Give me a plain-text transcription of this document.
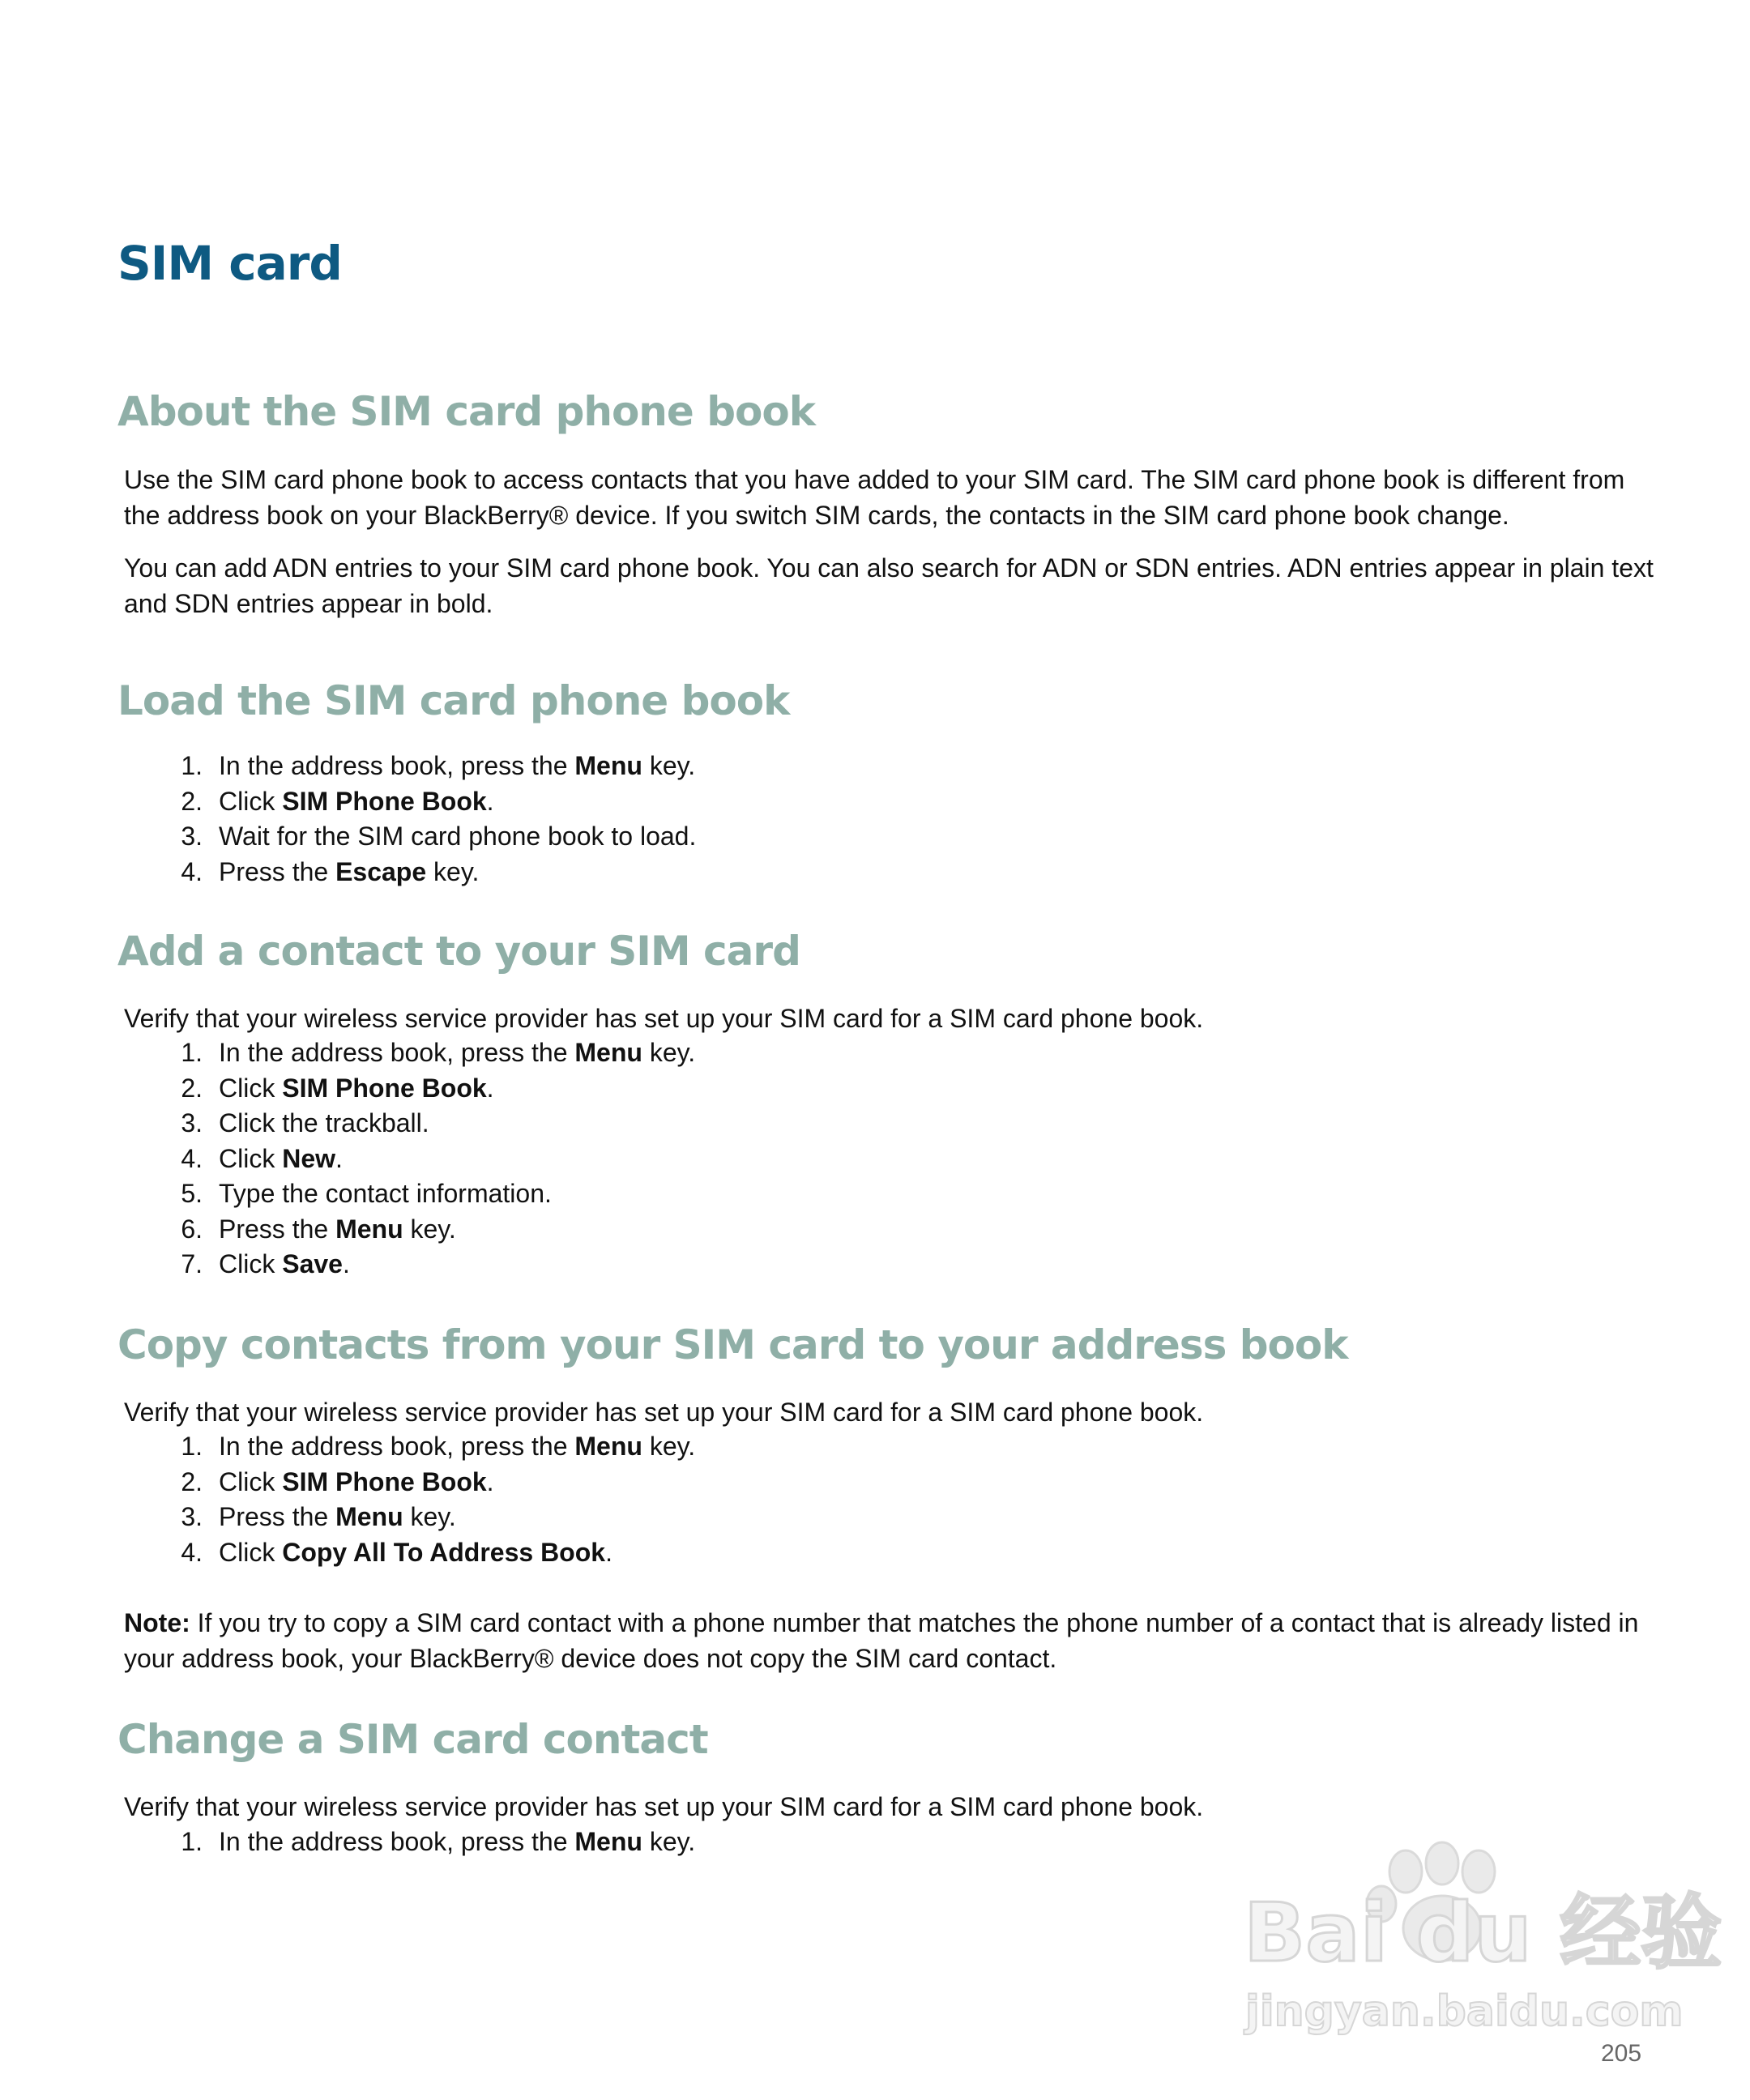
SIM card
About the SIM card phone book

Use the SIM card phone book to access contacts that you have added to your SIM card. The SIM card phone book is different from the address book on your BlackBerry® device. If you switch SIM cards, the contacts in the SIM card phone book change.

You can add ADN entries to your SIM card phone book. You can also search for ADN or SDN entries. ADN entries appear in plain text and SDN entries appear in bold.

Load the SIM card phone book
1. In the address book, press the Menu key.
2. Click SIM Phone Book.
3. Wait for the SIM card phone book to load.
4. Press the Escape key.
Add a contact to your SIM card

Verify that your wireless service provider has set up your SIM card for a SIM card phone book.

1. In the address book, press the Menu key.
2. Click SIM Phone Book.
3. Click the trackball.
4. Click New.
5. Type the contact information.
6. Press the Menu key.
7. Click Save.
Copy contacts from your SIM card to your address book

Verify that your wireless service provider has set up your SIM card for a SIM card phone book.

1. In the address book, press the Menu key.
2. Click SIM Phone Book.
3. Press the Menu key.
4. Click Copy All To Address Book.

Note: If you try to copy a SIM card contact with a phone number that matches the phone number of a contact that is already listed in your address book, your BlackBerry® device does not copy the SIM card contact.

Change a SIM card contact

Verify that your wireless service provider has set up your SIM card for a SIM card phone book.

1. In the address book, press the Menu key.
Bai du 经验
jingyan.baidu.com
205
